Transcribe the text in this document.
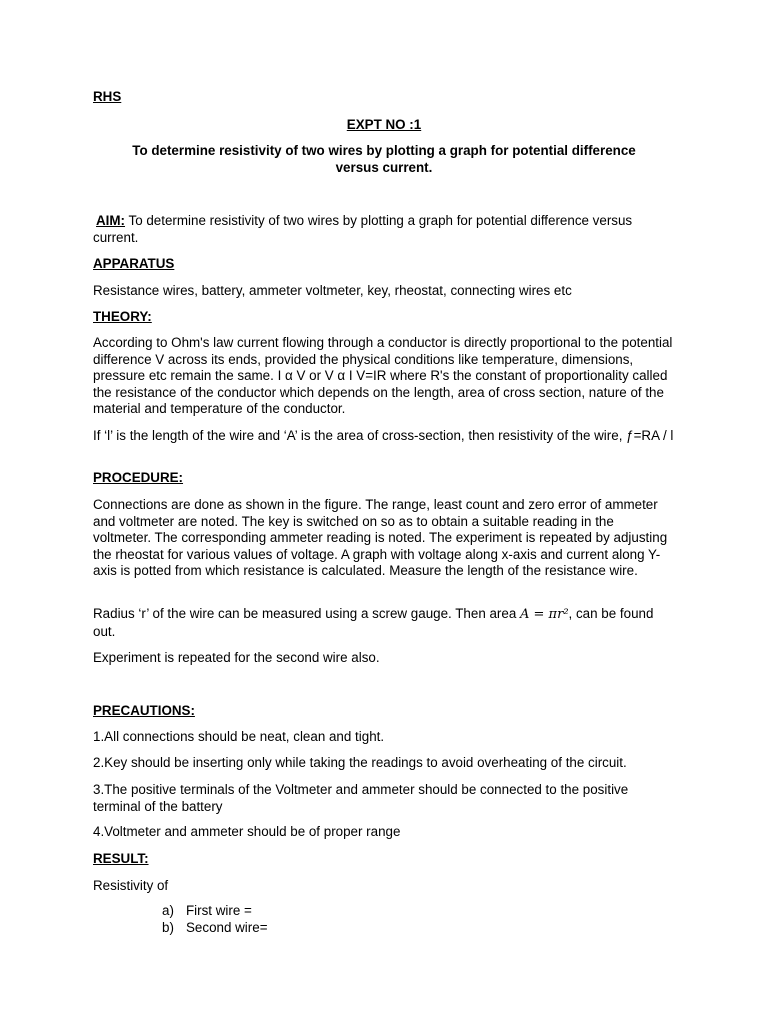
RHS
EXPT NO :1
To determine resistivity of two wires by plotting a graph for potential difference versus current.

AIM: To determine resistivity of two wires by plotting a graph for potential difference versus current.

APPARATUS

Resistance wires, battery, ammeter voltmeter, key, rheostat, connecting wires etc

THEORY:

According to Ohm's law current flowing through a conductor is directly proportional to the potential difference V across its ends, provided the physical conditions like temperature, dimensions, pressure etc remain the same. I α V or V α I V=IR where R's the constant of proportionality called the resistance of the conductor which depends on the length, area of cross section, nature of the material and temperature of the conductor.

If ‘l’ is the length of the wire and ‘A’ is the area of cross-section, then resistivity of the wire, ƒ=RA / l

PROCEDURE:

Connections are done as shown in the figure. The range, least count and zero error of ammeter and voltmeter are noted. The key is switched on so as to obtain a suitable reading in the voltmeter. The corresponding ammeter reading is noted. The experiment is repeated by adjusting the rheostat for various values of voltage. A graph with voltage along x-axis and current along Y-axis is potted from which resistance is calculated. Measure the length of the resistance wire.

Radius ‘r’ of the wire can be measured using a screw gauge. Then area A = πr², can be found out.

Experiment is repeated for the second wire also.

PRECAUTIONS:

1.All connections should be neat, clean and tight.

2.Key should be inserting only while taking the readings to avoid overheating of the circuit.

3.The positive terminals of the Voltmeter and ammeter should be connected to the positive terminal of the battery

4.Voltmeter and ammeter should be of proper range

RESULT:

Resistivity of

a) First wire =
b) Second wire=
